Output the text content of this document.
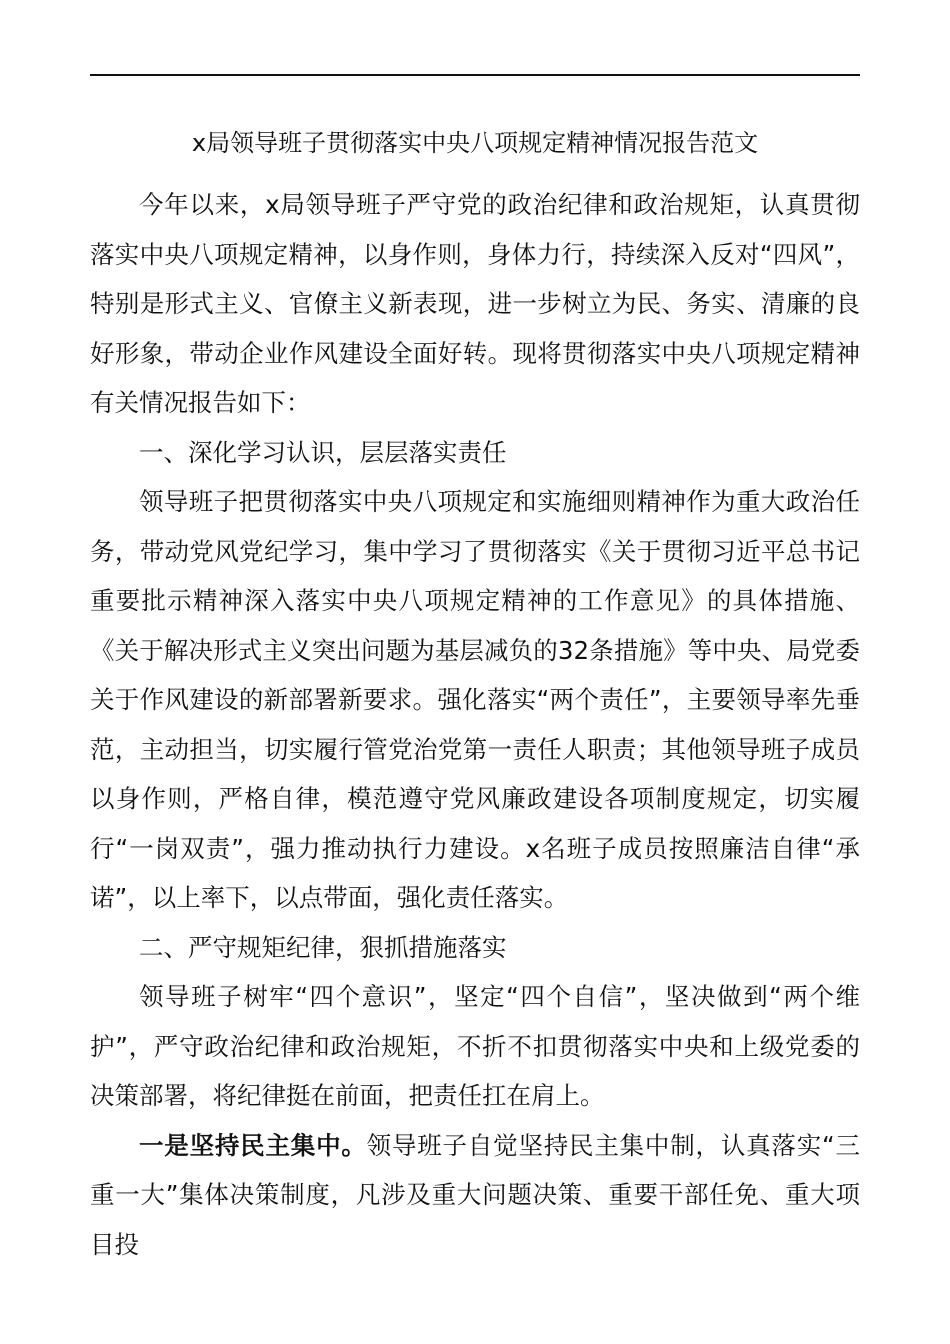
x局领导班子贯彻落实中央八项规定精神情况报告范文

今年以来，x局领导班子严守党的政治纪律和政治规矩，认真贯彻落实中央八项规定精神，以身作则，身体力行，持续深入反对“四风”，特别是形式主义、官僚主义新表现，进一步树立为民、务实、清廉的良好形象，带动企业作风建设全面好转。现将贯彻落实中央八项规定精神有关情况报告如下：

一、深化学习认识，层层落实责任

领导班子把贯彻落实中央八项规定和实施细则精神作为重大政治任务，带动党风党纪学习，集中学习了贯彻落实《关于贯彻习近平总书记重要批示精神深入落实中央八项规定精神的工作意见》的具体措施、《关于解决形式主义突出问题为基层减负的32条措施》等中央、局党委关于作风建设的新部署新要求。强化落实“两个责任”，主要领导率先垂范，主动担当，切实履行管党治党第一责任人职责；其他领导班子成员以身作则，严格自律，模范遵守党风廉政建设各项制度规定，切实履行“一岗双责”，强力推动执行力建设。x名班子成员按照廉洁自律“承诺”，以上率下，以点带面，强化责任落实。

二、严守规矩纪律，狠抓措施落实

领导班子树牢“四个意识”，坚定“四个自信”，坚决做到“两个维护”，严守政治纪律和政治规矩，不折不扣贯彻落实中央和上级党委的决策部署，将纪律挺在前面，把责任扛在肩上。

一是坚持民主集中。领导班子自觉坚持民主集中制，认真落实“三重一大”集体决策制度，凡涉及重大问题决策、重要干部任免、重大项目投
